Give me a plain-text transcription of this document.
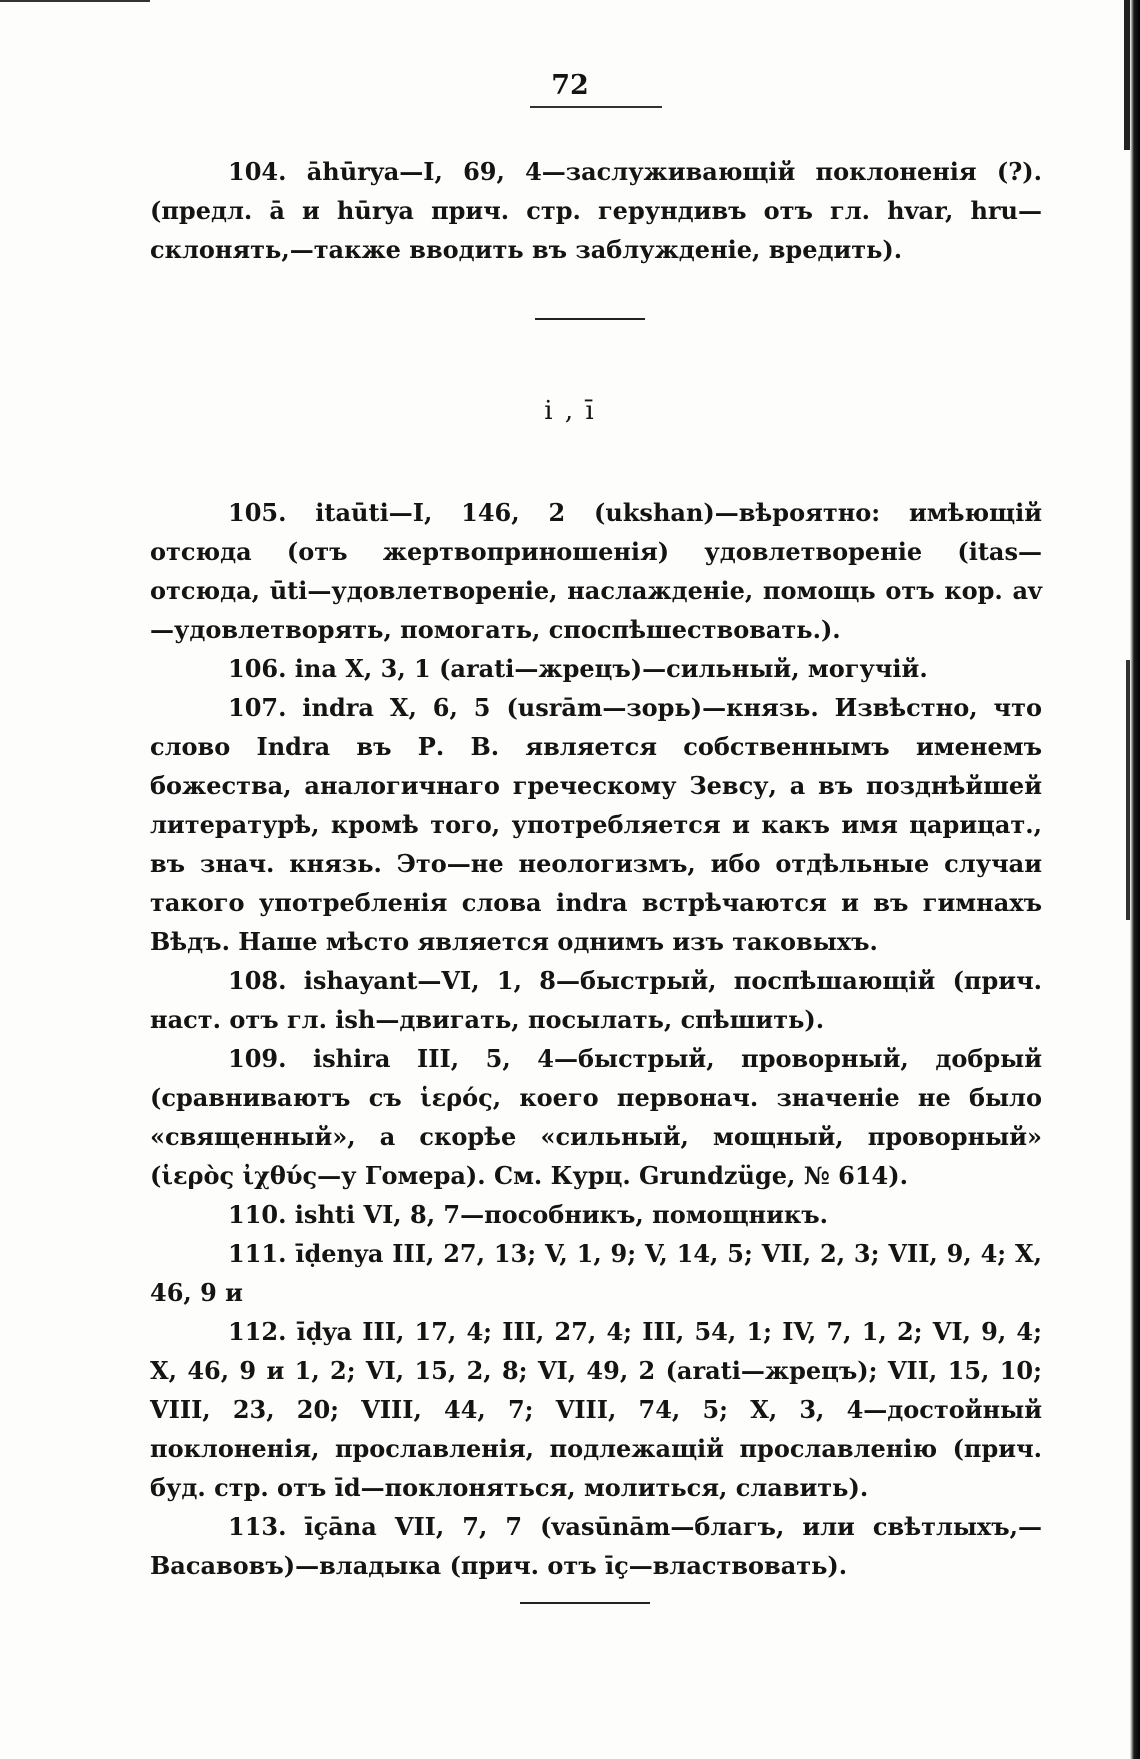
72

104. āhūrya—I, 69, 4—заслуживающій поклоненія (?). (предл. ā и hūrya прич. стр. герундивъ отъ гл. hvar, hru—склонять,—также вводить въ заблужденіе, вредить).

i , ī

105. itaūti—I, 146, 2 (ukshan)—вѣроятно: имѣющій отсюда (отъ жертвоприношенія) удовлетвореніе (itas—отсюда, ūti—удовлетвореніе, наслажденіе, помощь отъ кор. av—удовлетворять, помогать, споспѣшествовать.).

106. ina X, 3, 1 (arati—жрецъ)—сильный, могучій.

107. indra X, 6, 5 (usrām—зорь)—князь. Извѣстно, что слово Indra въ Р. В. является собственнымъ именемъ божества, аналогичнаго греческому Зевсу, а въ позднѣйшей литературѣ, кромѣ того, употребляется и какъ имя царицат., въ знач. князь. Это—не неологизмъ, ибо отдѣльные случаи такого употребленія слова indra встрѣчаются и въ гимнахъ Вѣдъ. Наше мѣсто является однимъ изъ таковыхъ.

108. ishayant—VI, 1, 8—быстрый, поспѣшающій (прич. наст. отъ гл. ish—двигать, посылать, спѣшить).

109. ishira III, 5, 4—быстрый, проворный, добрый (сравниваютъ съ ἱερός, коего первонач. значеніе не было «священный», а скорѣе «сильный, мощный, проворный» (ἱερὸς ἰχθύς—у Гомера). См. Курц. Grundzüge, № 614).

110. ishti VI, 8, 7—пособникъ, помощникъ.

111. īḍenya III, 27, 13; V, 1, 9; V, 14, 5; VII, 2, 3; VII, 9, 4; X, 46, 9 и

112. īḍya III, 17, 4; III, 27, 4; III, 54, 1; IV, 7, 1, 2; VI, 9, 4; X, 46, 9 и 1, 2; VI, 15, 2, 8; VI, 49, 2 (arati—жрецъ); VII, 15, 10; VIII, 23, 20; VIII, 44, 7; VIII, 74, 5; X, 3, 4—достойный поклоненія, прославленія, подлежащій прославленію (прич. буд. стр. отъ īd—поклоняться, молиться, славить).

113. īçāna VII, 7, 7 (vasūnām—благъ, или свѣтлыхъ,—Васавовъ)—владыка (прич. отъ īç—властвовать).
